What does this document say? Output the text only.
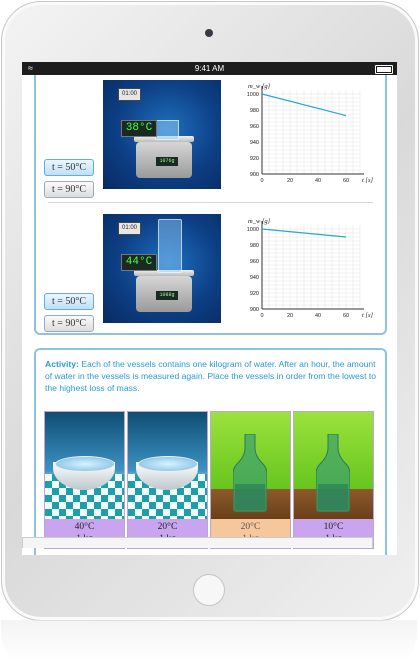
≈	9:41 AM
t = 50°C
t = 90°C
01:00
38°C
1076g
1000
980
960
940
920
900
0	20	40	60
m_w [g]
t [s]
t = 50°C
t = 90°C
01:00
44°C
1088g
1000
980
960
940
920
900
0	20	40	60
m_w [g]
t [s]
Activity: Each of the vessels contains one kilogram of water. After an hour, the amount of water in the vessels is measured again. Place the vessels in order from the lowest to the highest loss of mass.
40°C	20°C	20°C	10°C
